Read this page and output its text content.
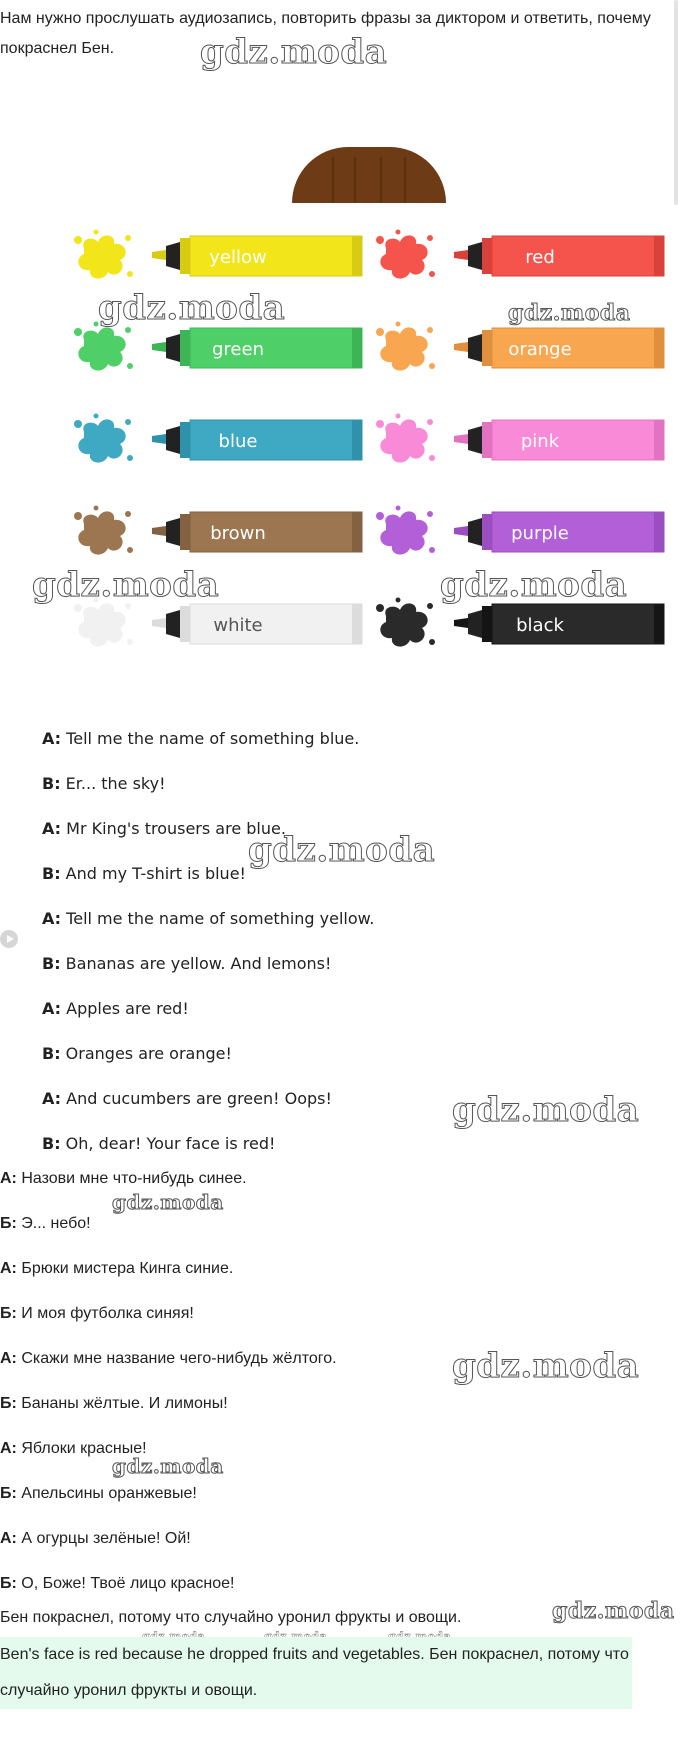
Нам нужно прослушать аудиозапись, повторить фразы за диктором и ответить, почему покраснел Бен.
yellow	red
green	orange
blue	pink
brown	purple
white	black
gdz.moda
gdz.moda	gdz.moda
gdz.moda	gdz.moda
gdz.moda
gdz.moda
gdz.moda
gdz.moda
gdz.moda
gdz.moda
A: Tell me the name of something blue.
B: Er... the sky!
A: Mr King's trousers are blue.
B: And my T-shirt is blue!
A: Tell me the name of something yellow.
B: Bananas are yellow. And lemons!
A: Apples are red!
B: Oranges are orange!
A: And cucumbers are green! Oops!
B: Oh, dear! Your face is red!
А: Назови мне что-нибудь синее.
Б: Э... небо!
А: Брюки мистера Кинга синие.
Б: И моя футболка синяя!
А: Скажи мне название чего-нибудь жёлтого.
Б: Бананы жёлтые. И лимоны!
А: Яблоки красные!
Б: Апельсины оранжевые!
А: А огурцы зелёные! Ой!
Б: О, Боже! Твоё лицо красное!
Бен покраснел, потому что случайно уронил фрукты и овощи.
Ben's face is red because he dropped fruits and vegetables. Бен покраснел, потому что случайно уронил фрукты и овощи.
